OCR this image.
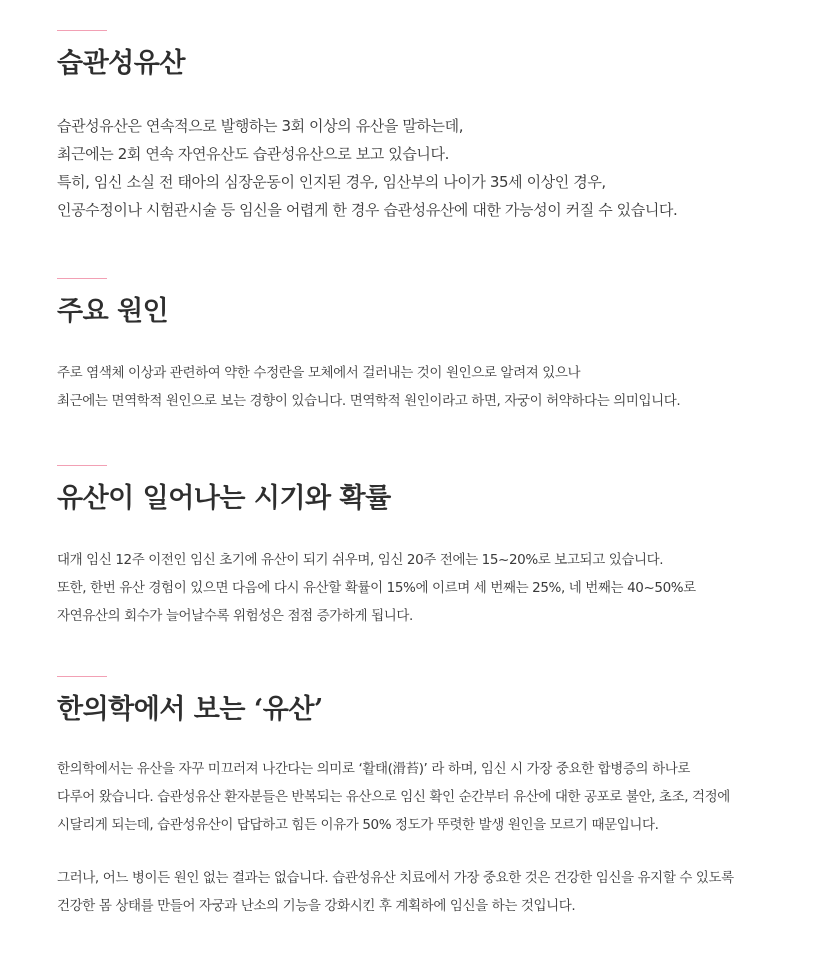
습관성유산

습관성유산은 연속적으로 발행하는 3회 이상의 유산을 말하는데,
최근에는 2회 연속 자연유산도 습관성유산으로 보고 있습니다.
특히, 임신 소실 전 태아의 심장운동이 인지된 경우, 임산부의 나이가 35세 이상인 경우,
인공수정이나 시험관시술 등 임신을 어렵게 한 경우 습관성유산에 대한 가능성이 커질 수 있습니다.

주요 원인

주로 염색체 이상과 관련하여 약한 수정란을 모체에서 걸러내는 것이 원인으로 알려져 있으나
최근에는 면역학적 원인으로 보는 경향이 있습니다. 면역학적 원인이라고 하면, 자궁이 허약하다는 의미입니다.

유산이 일어나는 시기와 확률

대개 임신 12주 이전인 임신 초기에 유산이 되기 쉬우며, 임신 20주 전에는 15~20%로 보고되고 있습니다.
또한, 한번 유산 경험이 있으면 다음에 다시 유산할 확률이 15%에 이르며 세 번째는 25%, 네 번째는 40~50%로
자연유산의 회수가 늘어날수록 위험성은 점점 증가하게 됩니다.

한의학에서 보는 ‘유산’

한의학에서는 유산을 자꾸 미끄러져 나간다는 의미로 ‘활태(滑苔)’ 라 하며, 임신 시 가장 중요한 합병증의 하나로
다루어 왔습니다. 습관성유산 환자분들은 반복되는 유산으로 임신 확인 순간부터 유산에 대한 공포로 불안, 초조, 걱정에
시달리게 되는데, 습관성유산이 답답하고 힘든 이유가 50% 정도가 뚜렷한 발생 원인을 모르기 때문입니다.

그러나, 어느 병이든 원인 없는 결과는 없습니다. 습관성유산 치료에서 가장 중요한 것은 건강한 임신을 유지할 수 있도록
건강한 몸 상태를 만들어 자궁과 난소의 기능을 강화시킨 후 계획하에 임신을 하는 것입니다.
